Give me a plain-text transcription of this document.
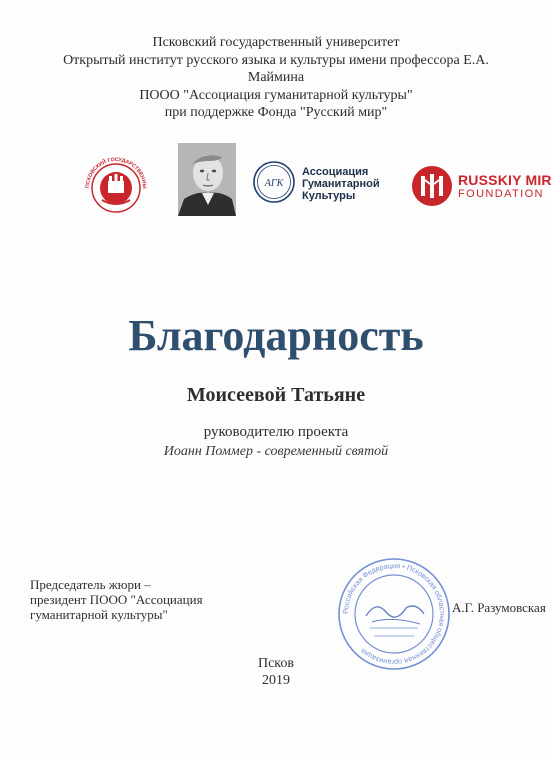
Псковский государственный университет
Открытый институт русского языка и культуры имени профессора Е.А.
Маймина
ПООО "Ассоциация гуманитарной культуры"
при поддержке Фонда "Русский мир"
ПСКОВСКИЙ ГОСУДАРСТВЕННЫ	АГК
Ассоциация
Гуманитарной
Культуры
RUSSKIY MIR
FOUNDATION
Благодарность
Моисеевой Татьяне
руководителю проекта
Иоанн Поммер - современный святой
Председатель жюри –
президент ПООО "Ассоциация
гуманитарной культуры"	Российская Федерация • Псковская областная общественная организация
А.Г. Разумовская
Псков
2019
